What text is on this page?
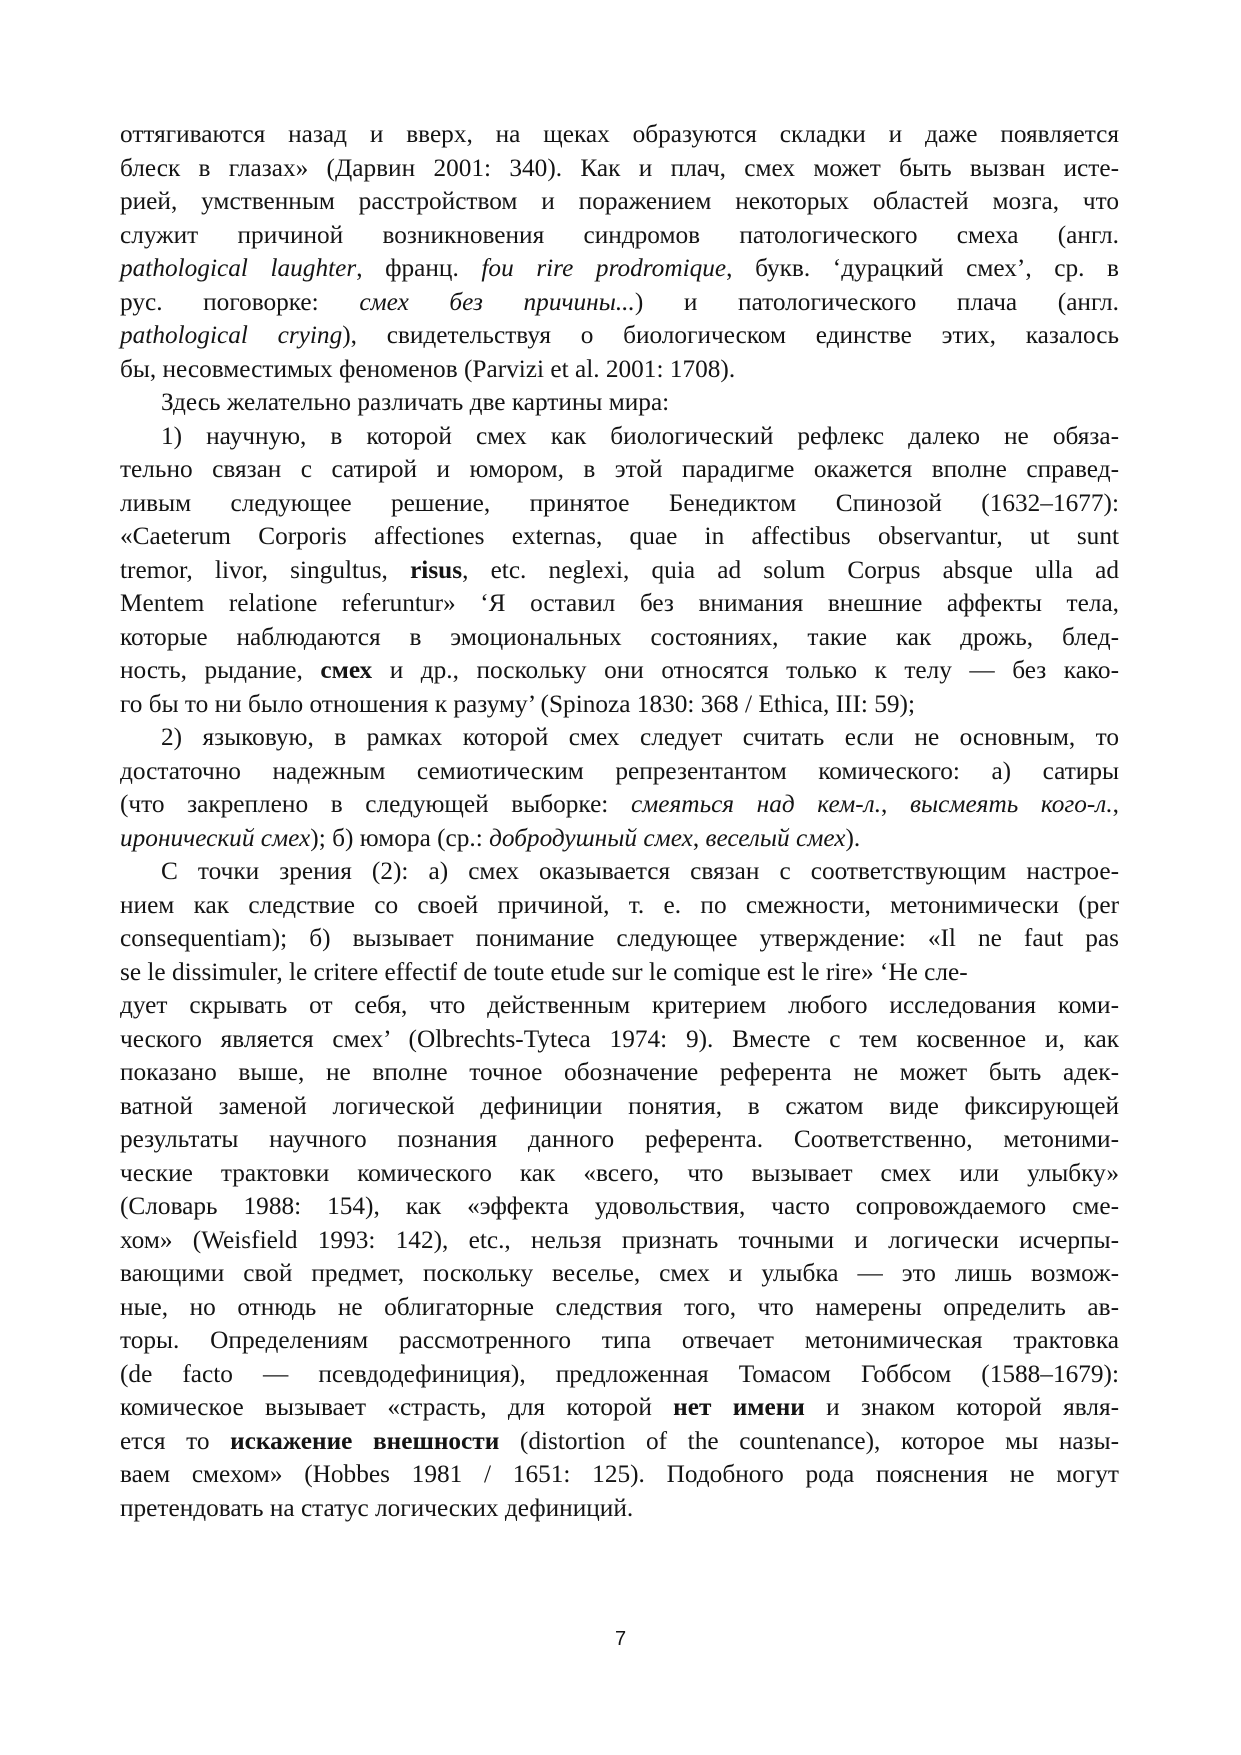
оттягиваются назад и вверх, на щеках образуются складки и даже появляется
блеск в глазах» (Дарвин 2001: 340). Как и плач, смех может быть вызван исте-
рией, умственным расстройством и поражением некоторых областей мозга, что
служит причиной возникновения синдромов патологического смеха (англ.
pathological laughter, франц. fou rire prodromique, букв. ‘дурацкий смех’, ср. в
рус. поговорке: смех без причины...) и патологического плача (англ.
pathological crying), свидетельствуя о биологическом единстве этих, казалось
бы, несовместимых феноменов (Parvizi et al. 2001: 1708).
Здесь желательно различать две картины мира:
1) научную, в которой смех как биологический рефлекс далеко не обяза-
тельно связан с сатирой и юмором, в этой парадигме окажется вполне справед-
ливым следующее решение, принятое Бенедиктом Спинозой (1632–1677):
«Caeterum Corporis affectiones externas, quae in affectibus observantur, ut sunt
tremor, livor, singultus, risus, etc. neglexi, quia ad solum Corpus absque ulla ad
Mentem relatione referuntur» ‘Я оставил без внимания внешние аффекты тела,
которые наблюдаются в эмоциональных состояниях, такие как дрожь, блед-
ность, рыдание, смех и др., поскольку они относятся только к телу — без како-
го бы то ни было отношения к разуму’ (Spinoza 1830: 368 / Ethica, III: 59);
2) языковую, в рамках которой смех следует считать если не основным, то
достаточно надежным семиотическим репрезентантом комического: а) сатиры
(что закреплено в следующей выборке: смеяться над кем-л., высмеять кого-л.,
иронический смех); б) юмора (ср.: добродушный смех, веселый смех).
С точки зрения (2): а) смех оказывается связан с соответствующим настрое-
нием как следствие со своей причиной, т. е. по смежности, метонимически (per
consequentiam); б) вызывает понимание следующее утверждение: «Il ne faut pas
se le dissimuler, le critere effectif de toute etude sur le comique est le rire» ‘Не сле-
дует скрывать от себя, что действенным критерием любого исследования коми-
ческого является смех’ (Olbrechts-Tyteca 1974: 9). Вместе с тем косвенное и, как
показано выше, не вполне точное обозначение референта не может быть адек-
ватной заменой логической дефиниции понятия, в сжатом виде фиксирующей
результаты научного познания данного референта. Соответственно, метоними-
ческие трактовки комического как «всего, что вызывает смех или улыбку»
(Словарь 1988: 154), как «эффекта удовольствия, часто сопровождаемого сме-
хом» (Weisfield 1993: 142), etc., нельзя признать точными и логически исчерпы-
вающими свой предмет, поскольку веселье, смех и улыбка — это лишь возмож-
ные, но отнюдь не облигаторные следствия того, что намерены определить ав-
торы. Определениям рассмотренного типа отвечает метонимическая трактовка
(de facto — псевдодефиниция), предложенная Томасом Гоббсом (1588–1679):
комическое вызывает «страсть, для которой нет имени и знаком которой явля-
ется то искажение внешности (distortion of the countenance), которое мы назы-
ваем смехом» (Hobbes 1981 / 1651: 125). Подобного рода пояснения не могут
претендовать на статус логических дефиниций.
7
